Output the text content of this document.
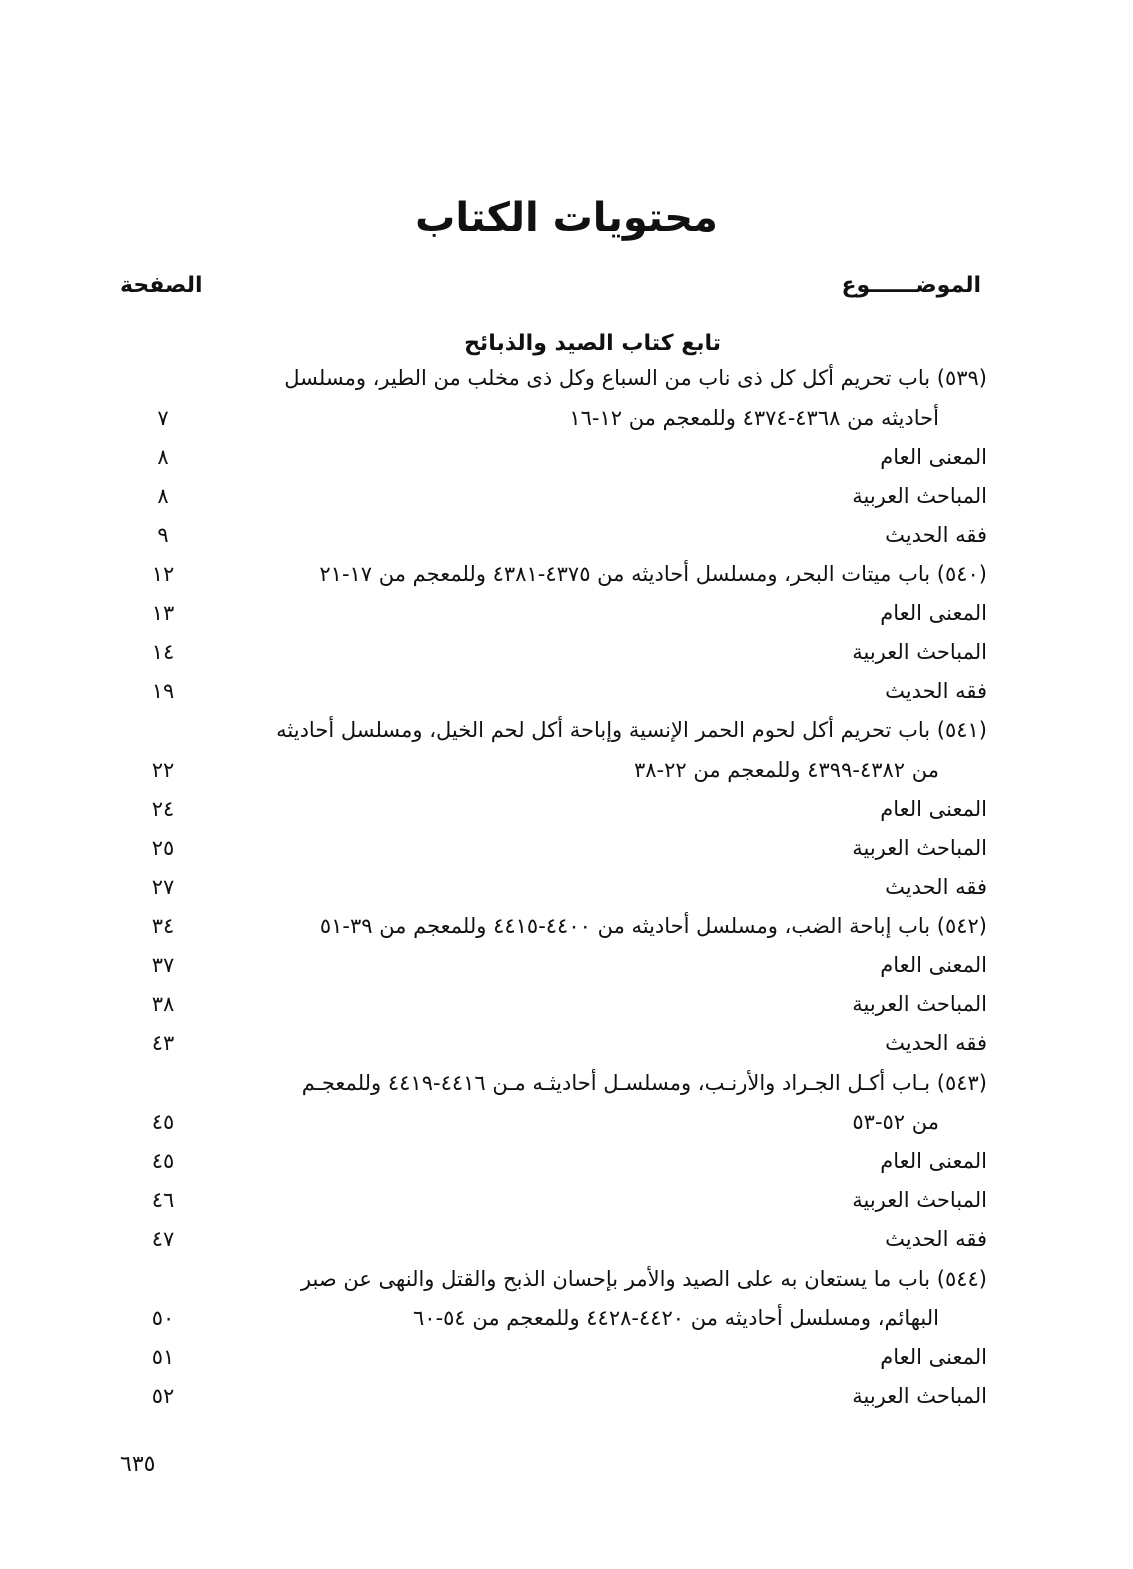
محتويات الكتاب
الموضــــــوع
الصفحة
تابع كتاب الصيد والذبائح
(٥٣٩) باب تحريم أكل كل ذى ناب من السباع وكل ذى مخلب من الطير، ومسلسل
أحاديثه من ٤٣٦٨-٤٣٧٤ وللمعجم من ١٢-١٦
٧
المعنى العام
٨
المباحث العربية
٨
فقه الحديث
٩
(٥٤٠) باب ميتات البحر، ومسلسل أحاديثه من ٤٣٧٥-٤٣٨١ وللمعجم من ١٧-٢١
١٢
المعنى العام
١٣
المباحث العربية
١٤
فقه الحديث
١٩
(٥٤١) باب تحريم أكل لحوم الحمر الإنسية وإباحة أكل لحم الخيل، ومسلسل أحاديثه
من ٤٣٨٢-٤٣٩٩ وللمعجم من ٢٢-٣٨
٢٢
المعنى العام
٢٤
المباحث العربية
٢٥
فقه الحديث
٢٧
(٥٤٢) باب إباحة الضب، ومسلسل أحاديثه من ٤٤٠٠-٤٤١٥ وللمعجم من ٣٩-٥١
٣٤
المعنى العام
٣٧
المباحث العربية
٣٨
فقه الحديث
٤٣
(٥٤٣) بـاب أكـل الجـراد والأرنـب، ومسلسـل أحاديثـه مـن ٤٤١٦-٤٤١٩ وللمعجـم
من ٥٢-٥٣
٤٥
المعنى العام
٤٥
المباحث العربية
٤٦
فقه الحديث
٤٧
(٥٤٤) باب ما يستعان به على الصيد والأمر بإحسان الذبح والقتل والنهى عن صبر
البهائم، ومسلسل أحاديثه من ٤٤٢٠-٤٤٢٨ وللمعجم من ٥٤-٦٠
٥٠
المعنى العام
٥١
المباحث العربية
٥٢
٦٣٥
